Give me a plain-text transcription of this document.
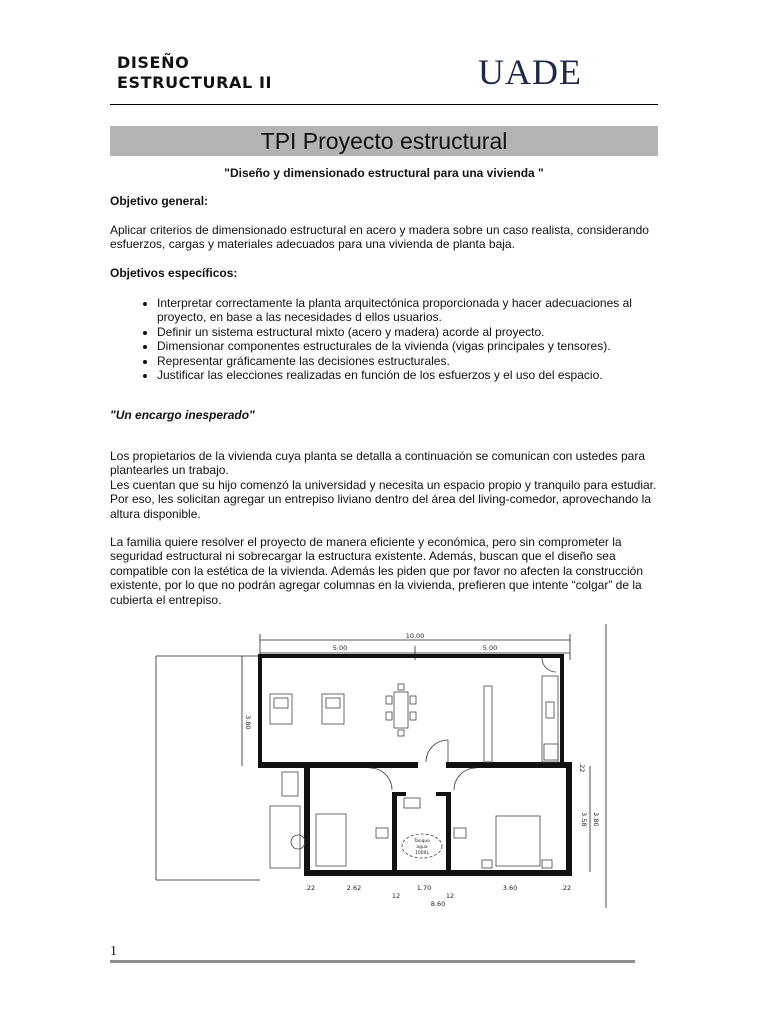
DISEÑO
ESTRUCTURAL II	UADE
TPI Proyecto estructural

"Diseño y dimensionado estructural para una vivienda "

Objetivo general:

Aplicar criterios de dimensionado estructural en acero y madera sobre un caso realista, considerando esfuerzos, cargas y materiales adecuados para una vivienda de planta baja.

Objetivos específicos:

• Interpretar correctamente la planta arquitectónica proporcionada y hacer adecuaciones al proyecto, en base a las necesidades d ellos usuarios.
• Definir un sistema estructural mixto (acero y madera) acorde al proyecto.
• Dimensionar componentes estructurales de la vivienda (vigas principales y tensores).
• Representar gráficamente las decisiones estructurales.
• Justificar las elecciones realizadas en función de los esfuerzos y el uso del espacio.

"Un encargo inesperado"

Los propietarios de la vivienda cuya planta se detalla a continuación se comunican con ustedes para plantearles un trabajo.

Les cuentan que su hijo comenzó la universidad y necesita un espacio propio y tranquilo para estudiar. Por eso, les solicitan agregar un entrepiso liviano dentro del área del living-comedor, aprovechando la altura disponible.

La familia quiere resolver el proyecto de manera eficiente y económica, pero sin comprometer la seguridad estructural ni sobrecargar la estructura existente. Además, buscan que el diseño sea compatible con la estética de la vivienda. Además les piden que por favor no afecten la construcción existente, por lo que no podrán agregar columnas en la vivienda, prefieren que intente “colgar” de la cubierta el entrepiso.

10.00
5.00	5.00
3.80
2.62	1.70	3.60
.22
12	12
.22
8.60
3.58 3.80
.22
Tanque
agua
1000L
1
